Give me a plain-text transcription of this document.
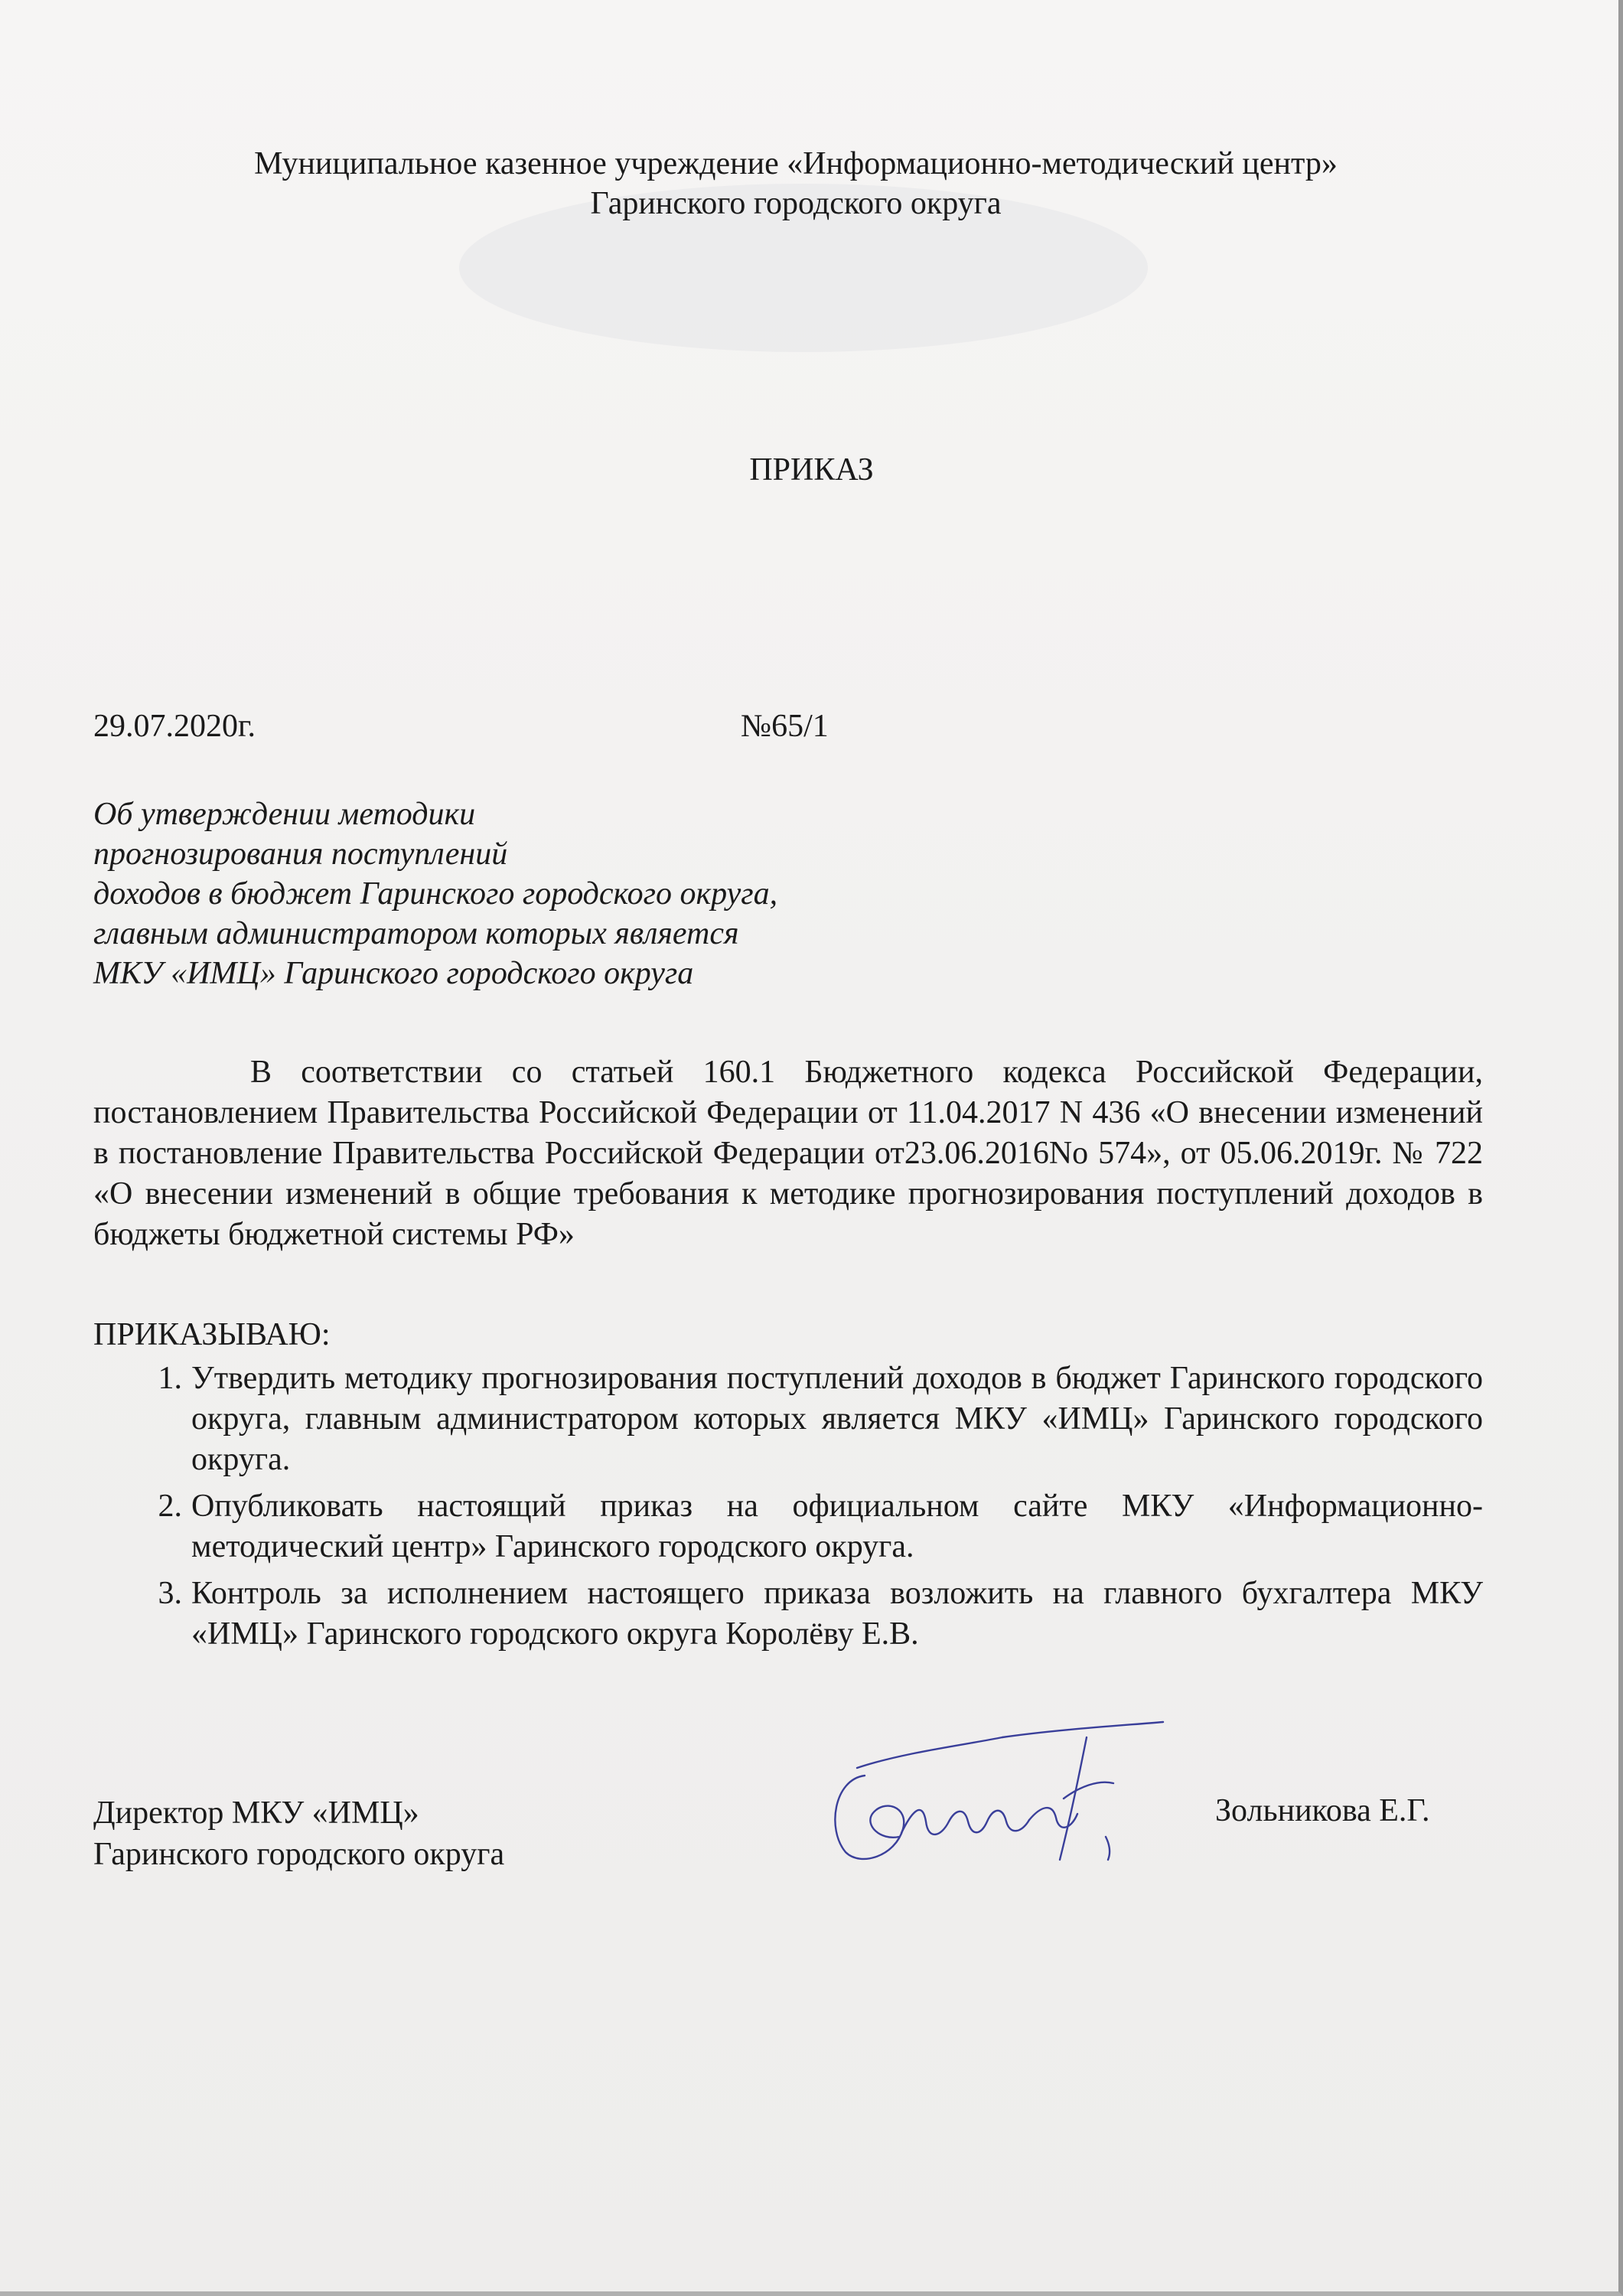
Муниципальное казенное учреждение «Информационно-методический центр»
Гаринского городского округа
ПРИКАЗ
29.07.2020г.	№65/1
Об утверждении методики
прогнозирования поступлений
доходов в бюджет Гаринского городского округа,
главным администратором которых является
МКУ «ИМЦ» Гаринского городского округа
В соответствии со статьей 160.1 Бюджетного кодекса Российской Федерации, постановлением Правительства Российской Федерации от 11.04.2017 N 436 «О внесении изменений в постановление Правительства Российской Федерации от23.06.2016No 574», от 05.06.2019г. № 722 «О внесении изменений в общие требования к методике прогнозирования поступлений доходов в бюджеты бюджетной системы РФ»
ПРИКАЗЫВАЮ:
1. Утвердить методику прогнозирования поступлений доходов в бюджет Гаринского городского округа, главным администратором которых является МКУ «ИМЦ» Гаринского городского округа.
2. Опубликовать настоящий приказ на официальном сайте МКУ «Информационно-методический центр» Гаринского городского округа.
3. Контроль за исполнением настоящего приказа возложить на главного бухгалтера МКУ «ИМЦ» Гаринского городского округа Королёву Е.В.
Директор МКУ «ИМЦ»
Гаринского городского округа
Зольникова Е.Г.
